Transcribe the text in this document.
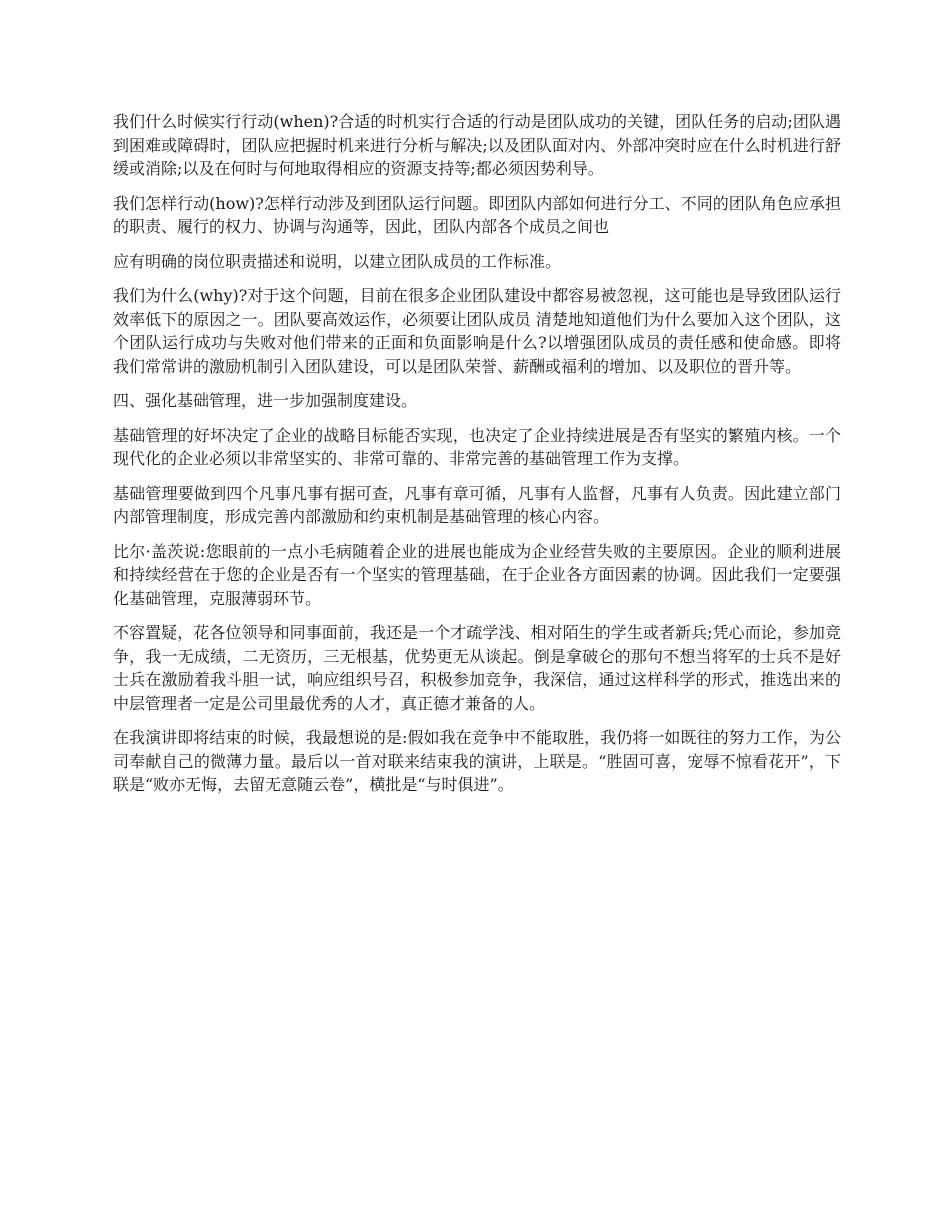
我们什么时候实行行动(when)?合适的时机实行合适的行动是团队成功的关键，团队任务的启动;团队遇到困难或障碍时，团队应把握时机来进行分析与解决;以及团队面对内、外部冲突时应在什么时机进行舒缓或消除;以及在何时与何地取得相应的资源支持等;都必须因势利导。

我们怎样行动(how)?怎样行动涉及到团队运行问题。即团队内部如何进行分工、不同的团队角色应承担的职责、履行的权力、协调与沟通等，因此，团队内部各个成员之间也

应有明确的岗位职责描述和说明，以建立团队成员的工作标准。

我们为什么(why)?对于这个问题，目前在很多企业团队建设中都容易被忽视，这可能也是导致团队运行效率低下的原因之一。团队要高效运作，必须要让团队成员 清楚地知道他们为什么要加入这个团队，这个团队运行成功与失败对他们带来的正面和负面影响是什么?以增强团队成员的责任感和使命感。即将我们常常讲的激励机制引入团队建设，可以是团队荣誉、薪酬或福利的增加、以及职位的晋升等。

四、强化基础管理，进一步加强制度建设。

基础管理的好坏决定了企业的战略目标能否实现，也决定了企业持续进展是否有坚实的繁殖内核。一个现代化的企业必须以非常坚实的、非常可靠的、非常完善的基础管理工作为支撑。

基础管理要做到四个凡事凡事有据可查，凡事有章可循，凡事有人监督，凡事有人负责。因此建立部门内部管理制度，形成完善内部激励和约束机制是基础管理的核心内容。

比尔·盖茨说:您眼前的一点小毛病随着企业的进展也能成为企业经营失败的主要原因。企业的顺利进展和持续经营在于您的企业是否有一个坚实的管理基础，在于企业各方面因素的协调。因此我们一定要强化基础管理，克服薄弱环节。

不容置疑，花各位领导和同事面前，我还是一个才疏学浅、相对陌生的学生或者新兵;凭心而论，参加竞争，我一无成绩，二无资历，三无根基，优势更无从谈起。倒是拿破仑的那句不想当将军的士兵不是好士兵在激励着我斗胆一试，响应组织号召，积极参加竞争，我深信，通过这样科学的形式，推选出来的中层管理者一定是公司里最优秀的人才，真正德才兼备的人。

在我演讲即将结束的时候，我最想说的是:假如我在竞争中不能取胜，我仍将一如既往的努力工作，为公司奉献自己的微薄力量。最后以一首对联来结束我的演讲，上联是。“胜固可喜，宠辱不惊看花开”，下联是“败亦无悔，去留无意随云卷”，横批是“与时俱进”。
